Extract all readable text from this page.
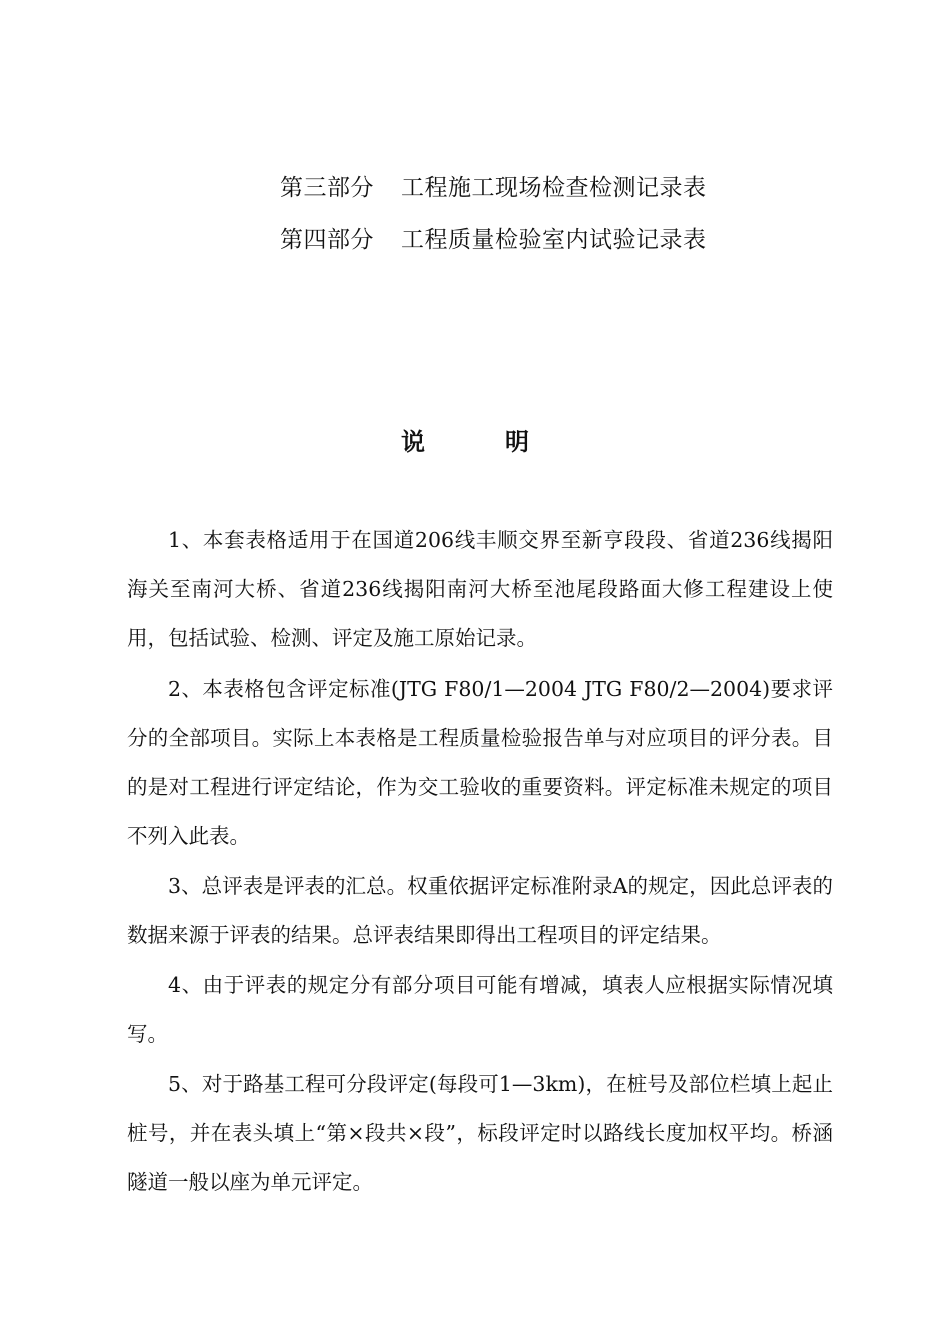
第三部分 工程施工现场检查检测记录表
第四部分 工程质量检验室内试验记录表
说明

1、本套表格适用于在国道206线丰顺交界至新亨段段、省道236线揭阳海关至南河大桥、省道236线揭阳南河大桥至池尾段路面大修工程建设上使用，包括试验、检测、评定及施工原始记录。

2、本表格包含评定标准(JTG F80/1—2004 JTG F80/2—2004)要求评分的全部项目。实际上本表格是工程质量检验报告单与对应项目的评分表。目的是对工程进行评定结论，作为交工验收的重要资料。评定标准未规定的项目不列入此表。

3、总评表是评表的汇总。权重依据评定标准附录A的规定，因此总评表的数据来源于评表的结果。总评表结果即得出工程项目的评定结果。

4、由于评表的规定分有部分项目可能有增减，填表人应根据实际情况填写。

5、对于路基工程可分段评定(每段可1—3km)，在桩号及部位栏填上起止桩号，并在表头填上“第×段共×段”，标段评定时以路线长度加权平均。桥涵隧道一般以座为单元评定。
